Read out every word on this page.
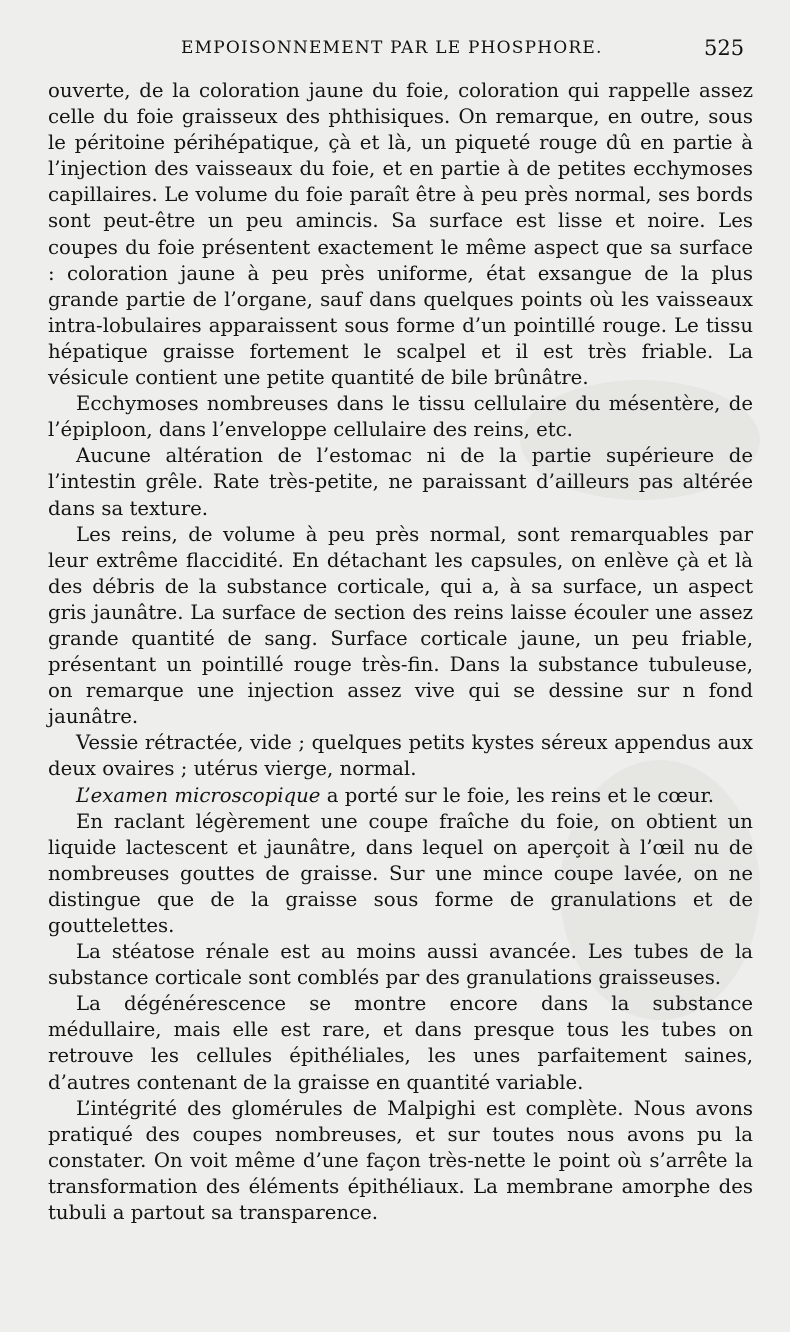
EMPOISONNEMENT PAR LE PHOSPHORE.	525

ouverte, de la coloration jaune du foie, coloration qui rappelle assez celle du foie graisseux des phthisiques. On remarque, en outre, sous le péritoine périhépatique, çà et là, un piqueté rouge dû en partie à l’injection des vaisseaux du foie, et en partie à de petites ecchymoses capillaires. Le volume du foie paraît être à peu près normal, ses bords sont peut-être un peu amincis. Sa surface est lisse et noire. Les coupes du foie présentent exactement le même aspect que sa surface : coloration jaune à peu près uniforme, état exsangue de la plus grande partie de l’organe, sauf dans quelques points où les vaisseaux intra-lobulaires apparaissent sous forme d’un pointillé rouge. Le tissu hépatique graisse fortement le scalpel et il est très friable. La vésicule contient une petite quantité de bile brûnâtre.

Ecchymoses nombreuses dans le tissu cellulaire du mésentère, de l’épiploon, dans l’enveloppe cellulaire des reins, etc.

Aucune altération de l’estomac ni de la partie supérieure de l’intestin grêle. Rate très-petite, ne paraissant d’ailleurs pas altérée dans sa texture.

Les reins, de volume à peu près normal, sont remarquables par leur extrême flaccidité. En détachant les capsules, on enlève çà et là des débris de la substance corticale, qui a, à sa surface, un aspect gris jaunâtre. La surface de section des reins laisse écouler une assez grande quantité de sang. Surface corticale jaune, un peu friable, présentant un pointillé rouge très-fin. Dans la substance tubuleuse, on remarque une injection assez vive qui se dessine sur n fond jaunâtre.

Vessie rétractée, vide ; quelques petits kystes séreux appendus aux deux ovaires ; utérus vierge, normal.

L’examen microscopique a porté sur le foie, les reins et le cœur.

En raclant légèrement une coupe fraîche du foie, on obtient un liquide lactescent et jaunâtre, dans lequel on aperçoit à l’œil nu de nombreuses gouttes de graisse. Sur une mince coupe lavée, on ne distingue que de la graisse sous forme de granulations et de gouttelettes.

La stéatose rénale est au moins aussi avancée. Les tubes de la substance corticale sont comblés par des granulations graisseuses.

La dégénérescence se montre encore dans la substance médullaire, mais elle est rare, et dans presque tous les tubes on retrouve les cellules épithéliales, les unes parfaitement saines, d’autres contenant de la graisse en quantité variable.

L’intégrité des glomérules de Malpighi est complète. Nous avons pratiqué des coupes nombreuses, et sur toutes nous avons pu la constater. On voit même d’une façon très-nette le point où s’arrête la transformation des éléments épithéliaux. La membrane amorphe des tubuli a partout sa transparence.
